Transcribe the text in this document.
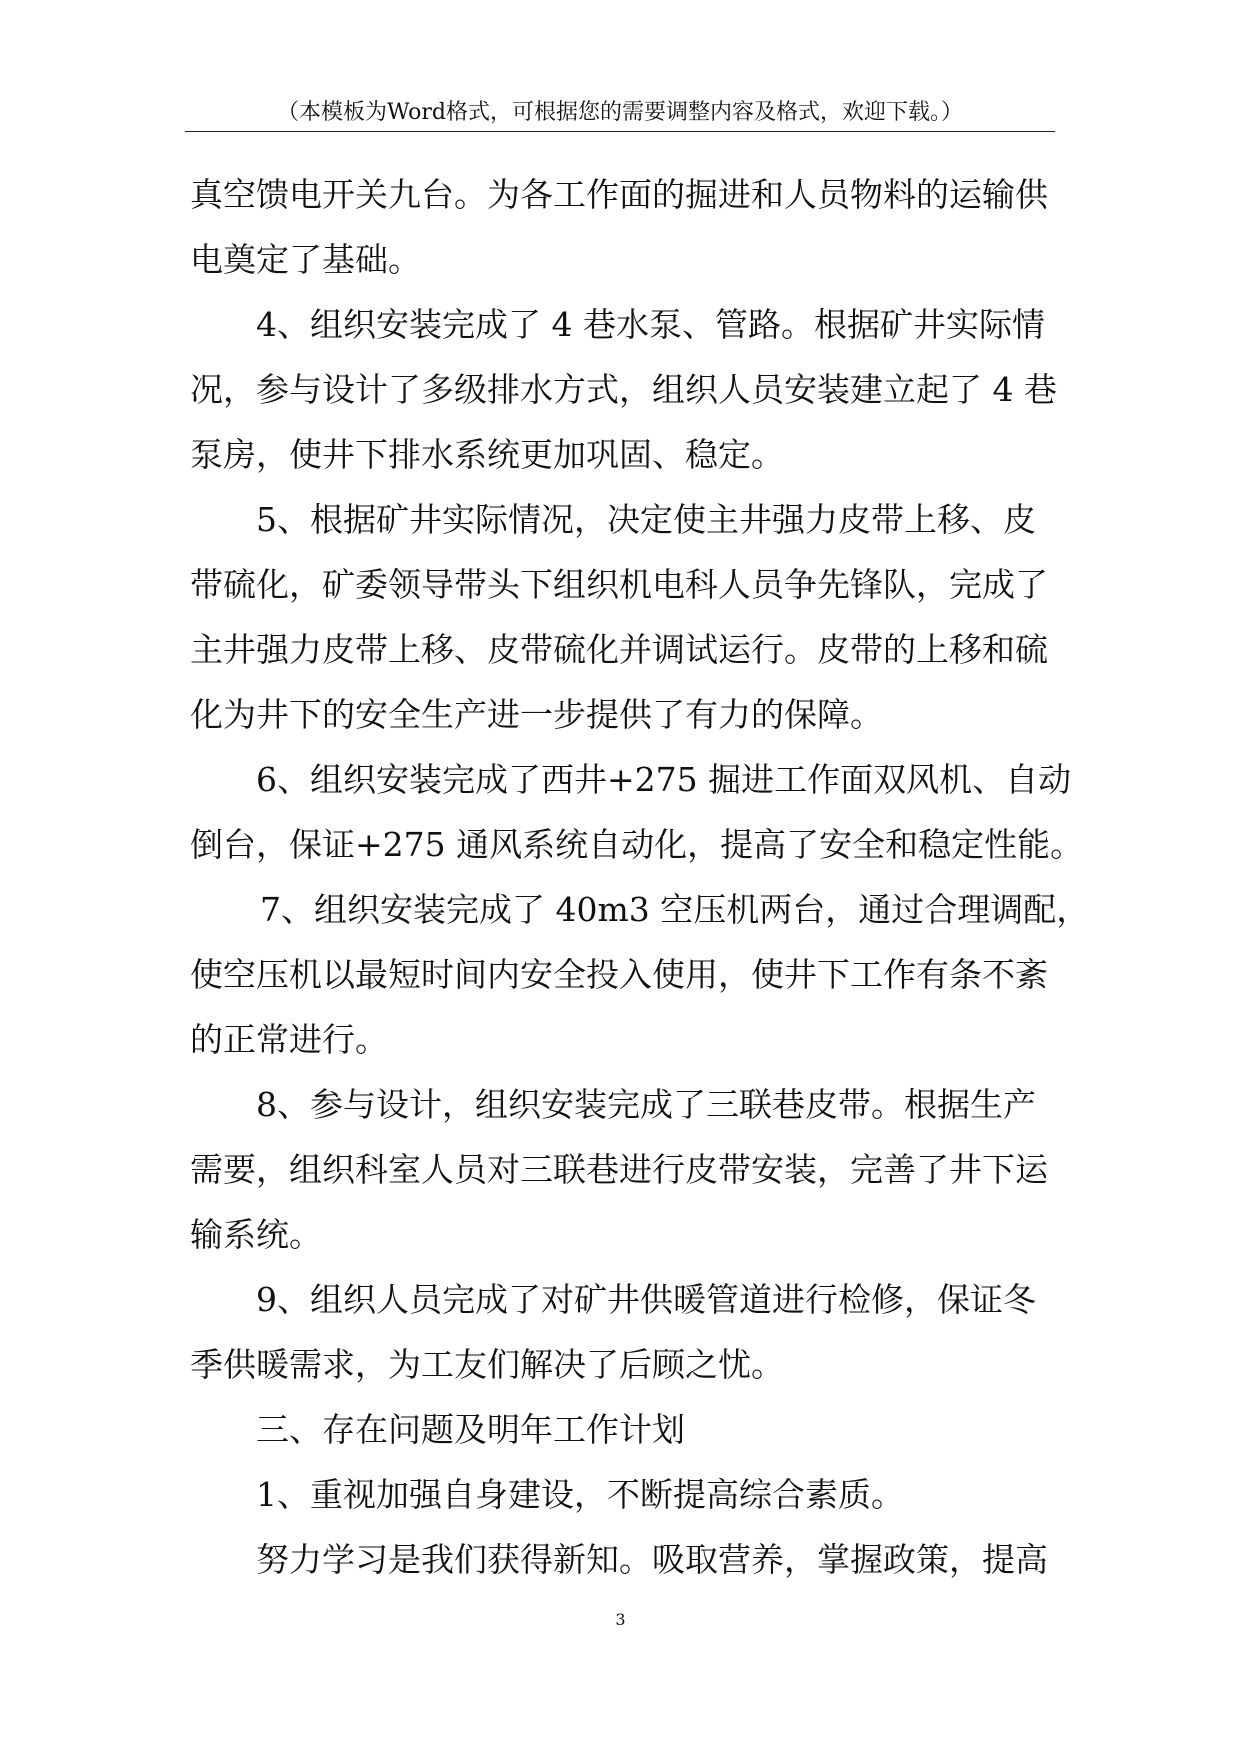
（本模板为Word格式，可根据您的需要调整内容及格式，欢迎下载。）
真空馈电开关九台。为各工作面的掘进和人员物料的运输供
电奠定了基础。
4、组织安装完成了 4 巷水泵、管路。根据矿井实际情
况，参与设计了多级排水方式，组织人员安装建立起了 4 巷
泵房，使井下排水系统更加巩固、稳定。
5、根据矿井实际情况，决定使主井强力皮带上移、皮
带硫化，矿委领导带头下组织机电科人员争先锋队，完成了
主井强力皮带上移、皮带硫化并调试运行。皮带的上移和硫
化为井下的安全生产进一步提供了有力的保障。
6、组织安装完成了西井+275 掘进工作面双风机、自动
倒台，保证+275 通风系统自动化，提高了安全和稳定性能。
7、组织安装完成了 40m3 空压机两台，通过合理调配，
使空压机以最短时间内安全投入使用，使井下工作有条不紊
的正常进行。
8、参与设计，组织安装完成了三联巷皮带。根据生产
需要，组织科室人员对三联巷进行皮带安装，完善了井下运
输系统。
9、组织人员完成了对矿井供暖管道进行检修，保证冬
季供暖需求，为工友们解决了后顾之忧。
三、存在问题及明年工作计划
1、重视加强自身建设，不断提高综合素质。
努力学习是我们获得新知。吸取营养，掌握政策，提高
3
